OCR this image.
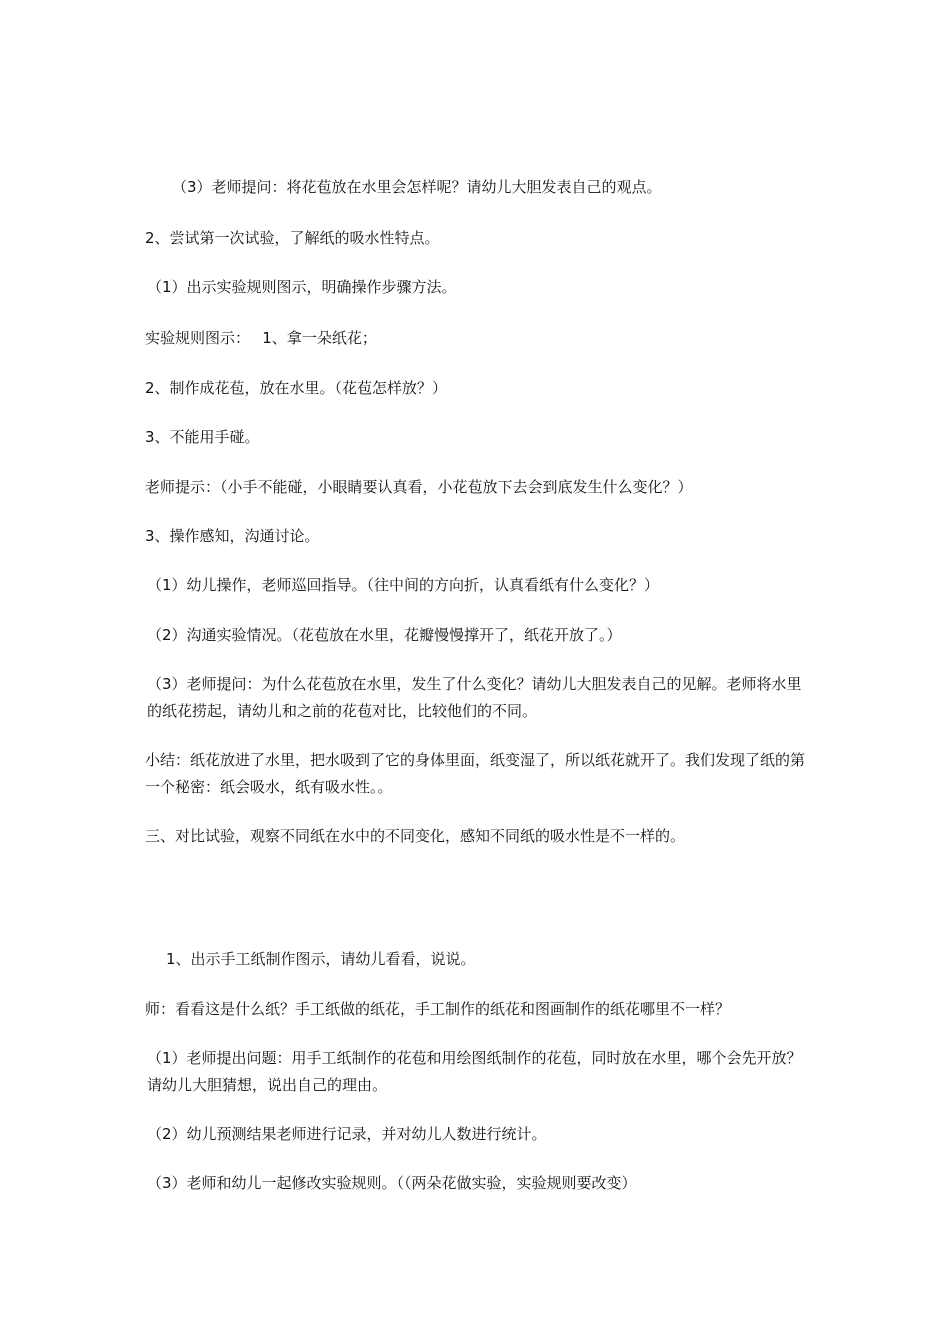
（3）老师提问：将花苞放在水里会怎样呢？请幼儿大胆发表自己的观点。

2、尝试第一次试验，了解纸的吸水性特点。

（1）出示实验规则图示，明确操作步骤方法。

实验规则图示：　 1、拿一朵纸花；

2、制作成花苞，放在水里。（花苞怎样放？）

3、不能用手碰。

老师提示：（小手不能碰，小眼睛要认真看，小花苞放下去会到底发生什么变化？）

3、操作感知，沟通讨论。

（1）幼儿操作，老师巡回指导。（往中间的方向折，认真看纸有什么变化？）

（2）沟通实验情况。（花苞放在水里，花瓣慢慢撑开了，纸花开放了。）

（3）老师提问：为什么花苞放在水里，发生了什么变化？请幼儿大胆发表自己的见解。老师将水里的纸花捞起，请幼儿和之前的花苞对比，比较他们的不同。

小结：纸花放进了水里，把水吸到了它的身体里面，纸变湿了，所以纸花就开了。我们发现了纸的第一个秘密：纸会吸水，纸有吸水性。。

三、对比试验，观察不同纸在水中的不同变化，感知不同纸的吸水性是不一样的。

1、出示手工纸制作图示，请幼儿看看，说说。

师：看看这是什么纸？手工纸做的纸花，手工制作的纸花和图画制作的纸花哪里不一样？

（1）老师提出问题：用手工纸制作的花苞和用绘图纸制作的花苞，同时放在水里，哪个会先开放？请幼儿大胆猜想，说出自己的理由。

（2）幼儿预测结果老师进行记录，并对幼儿人数进行统计。

（3）老师和幼儿一起修改实验规则。（（两朵花做实验，实验规则要改变）
